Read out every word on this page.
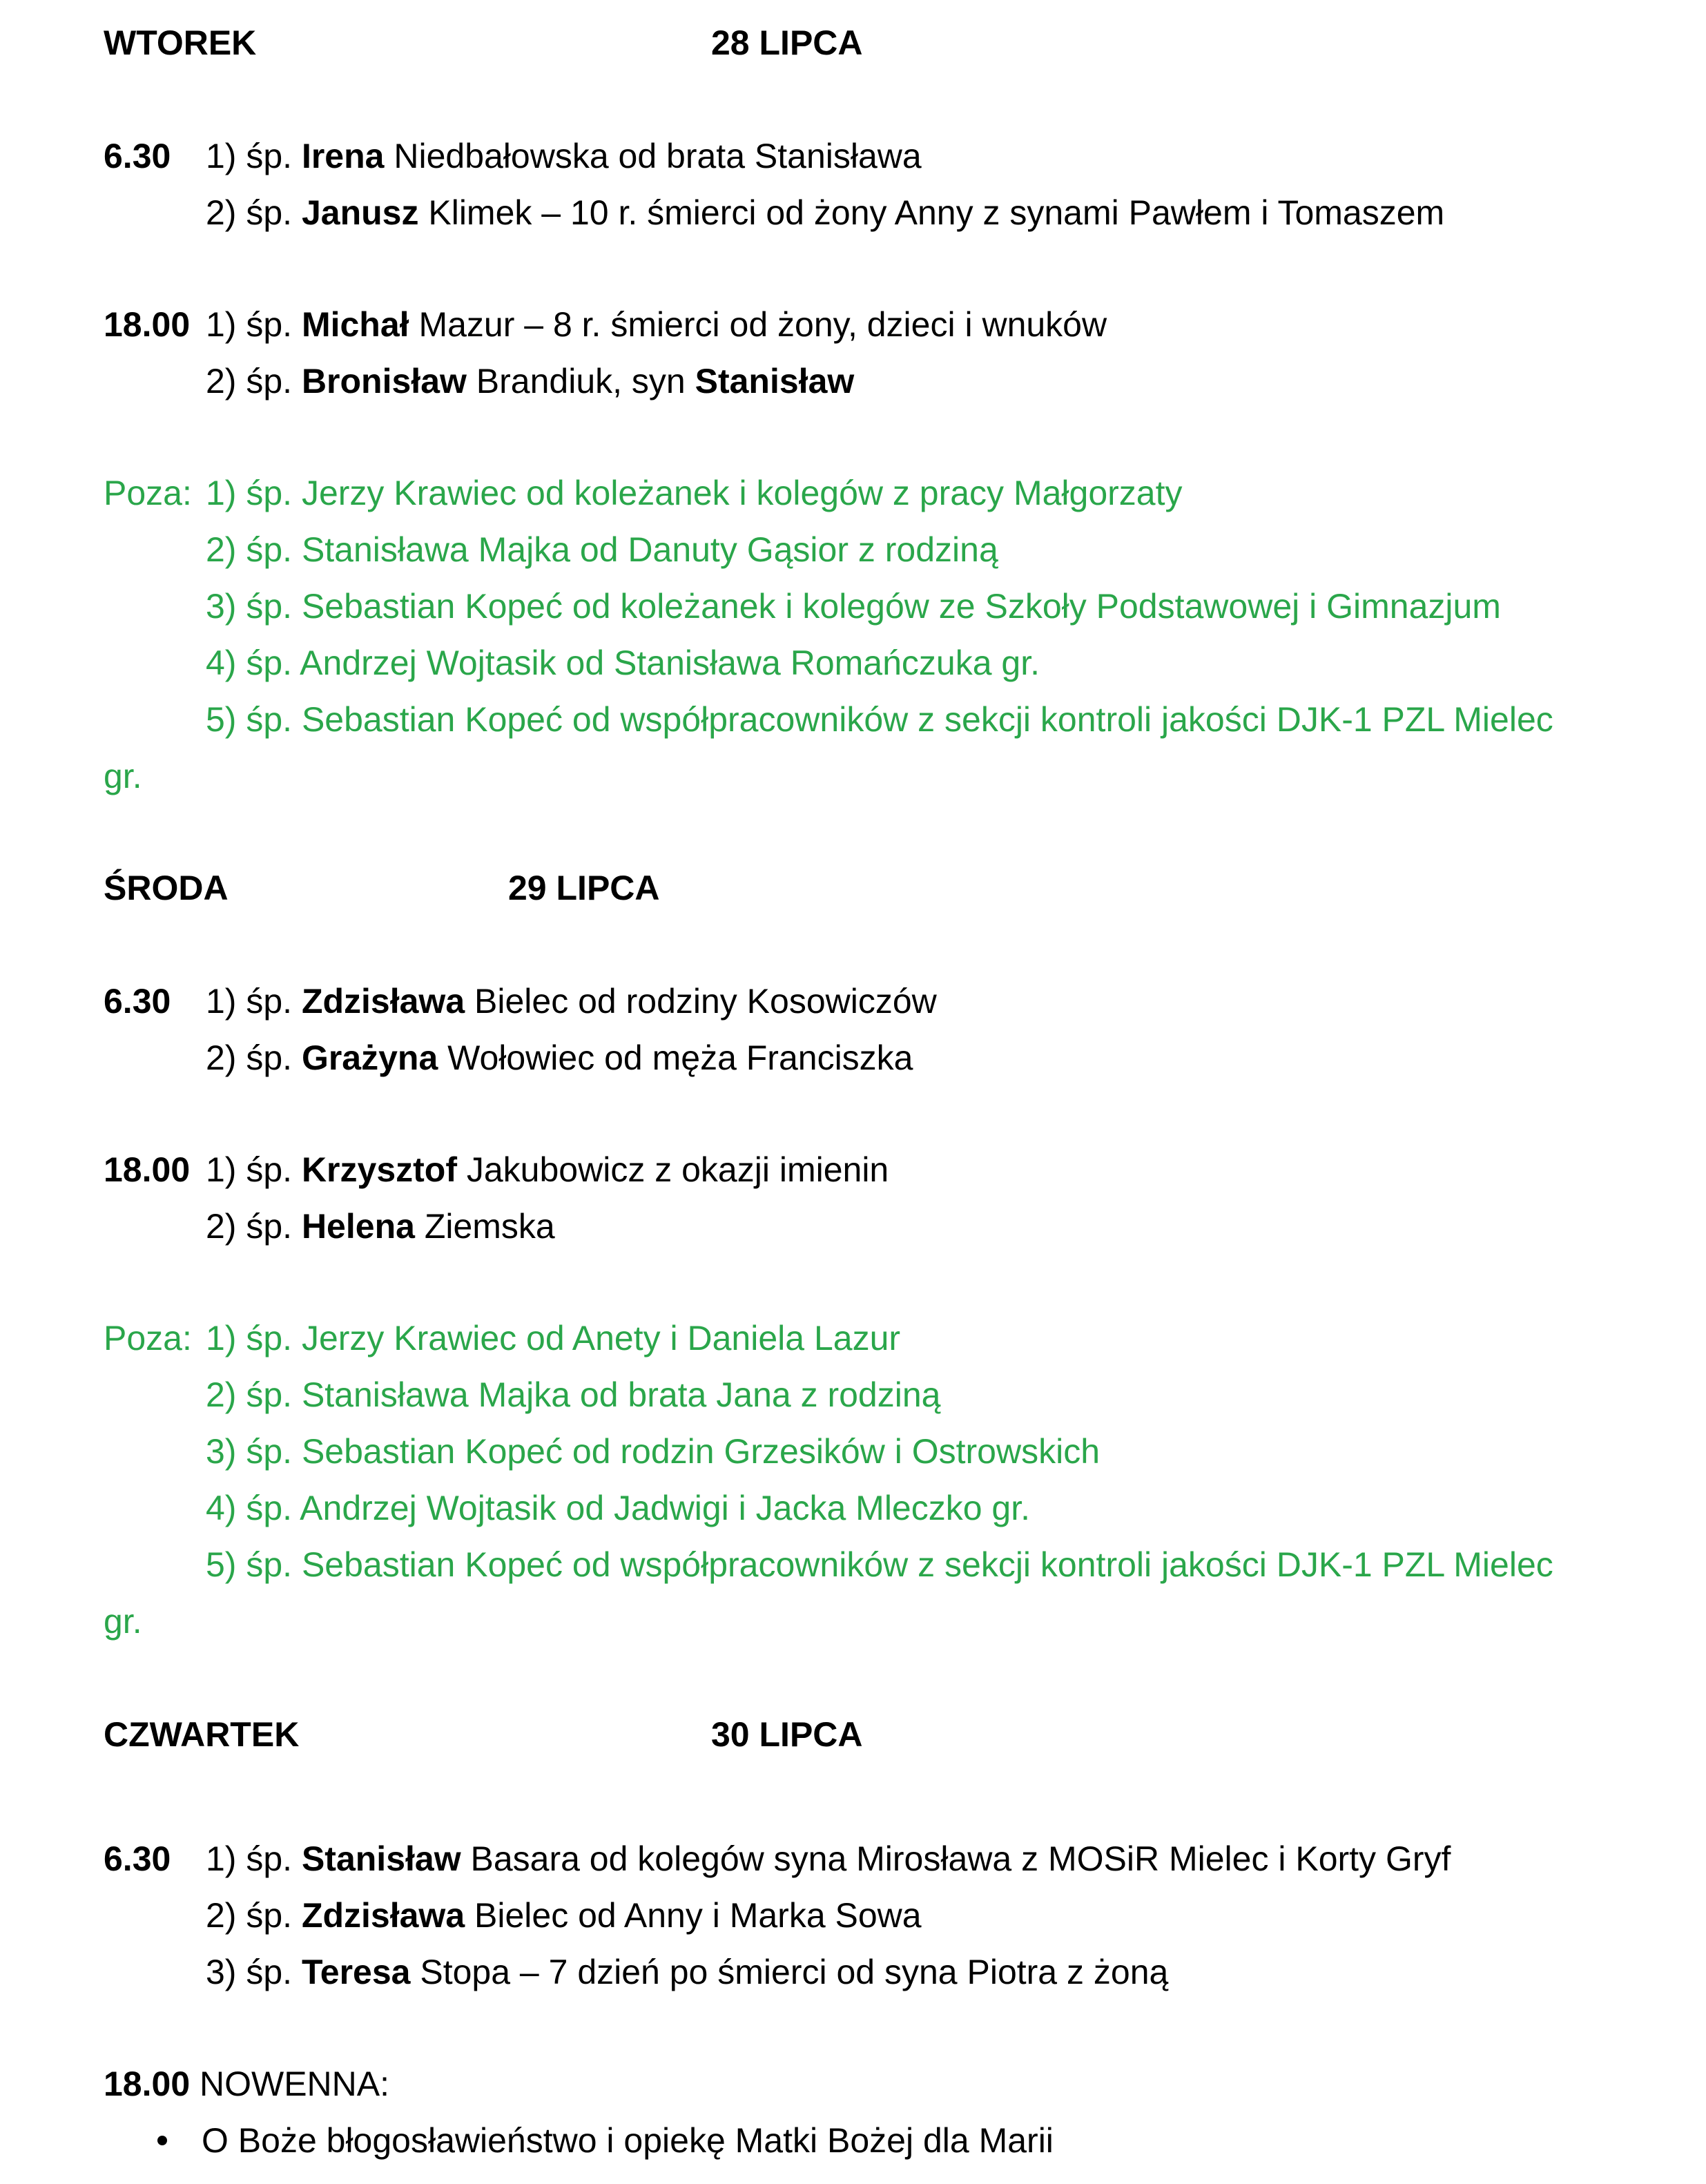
WTOREK	28 LIPCA
6.30 1) śp. Irena Niedbałowska od brata Stanisława
2) śp. Janusz Klimek – 10 r. śmierci od żony Anny z synami Pawłem i Tomaszem
18.00 1) śp. Michał Mazur – 8 r. śmierci od żony, dzieci i wnuków
2) śp. Bronisław Brandiuk, syn Stanisław
Poza: 1) śp. Jerzy Krawiec od koleżanek i kolegów z pracy Małgorzaty
2) śp. Stanisława Majka od Danuty Gąsior z rodziną
3) śp. Sebastian Kopeć od koleżanek i kolegów ze Szkoły Podstawowej i Gimnazjum
4) śp. Andrzej Wojtasik od Stanisława Romańczuka gr.
5) śp. Sebastian Kopeć od współpracowników z sekcji kontroli jakości DJK-1 PZL Mielec
gr.
ŚRODA	29 LIPCA
6.30 1) śp. Zdzisława Bielec od rodziny Kosowiczów
2) śp. Grażyna Wołowiec od męża Franciszka
18.00 1) śp. Krzysztof Jakubowicz z okazji imienin
2) śp. Helena Ziemska
Poza: 1) śp. Jerzy Krawiec od Anety i Daniela Lazur
2) śp. Stanisława Majka od brata Jana z rodziną
3) śp. Sebastian Kopeć od rodzin Grzesików i Ostrowskich
4) śp. Andrzej Wojtasik od Jadwigi i Jacka Mleczko gr.
5) śp. Sebastian Kopeć od współpracowników z sekcji kontroli jakości DJK-1 PZL Mielec
gr.
CZWARTEK	30 LIPCA
6.30 1) śp. Stanisław Basara od kolegów syna Mirosława z MOSiR Mielec i Korty Gryf
2) śp. Zdzisława Bielec od Anny i Marka Sowa
3) śp. Teresa Stopa – 7 dzień po śmierci od syna Piotra z żoną
18.00 NOWENNA:
O Boże błogosławieństwo i opiekę Matki Bożej dla Marii
